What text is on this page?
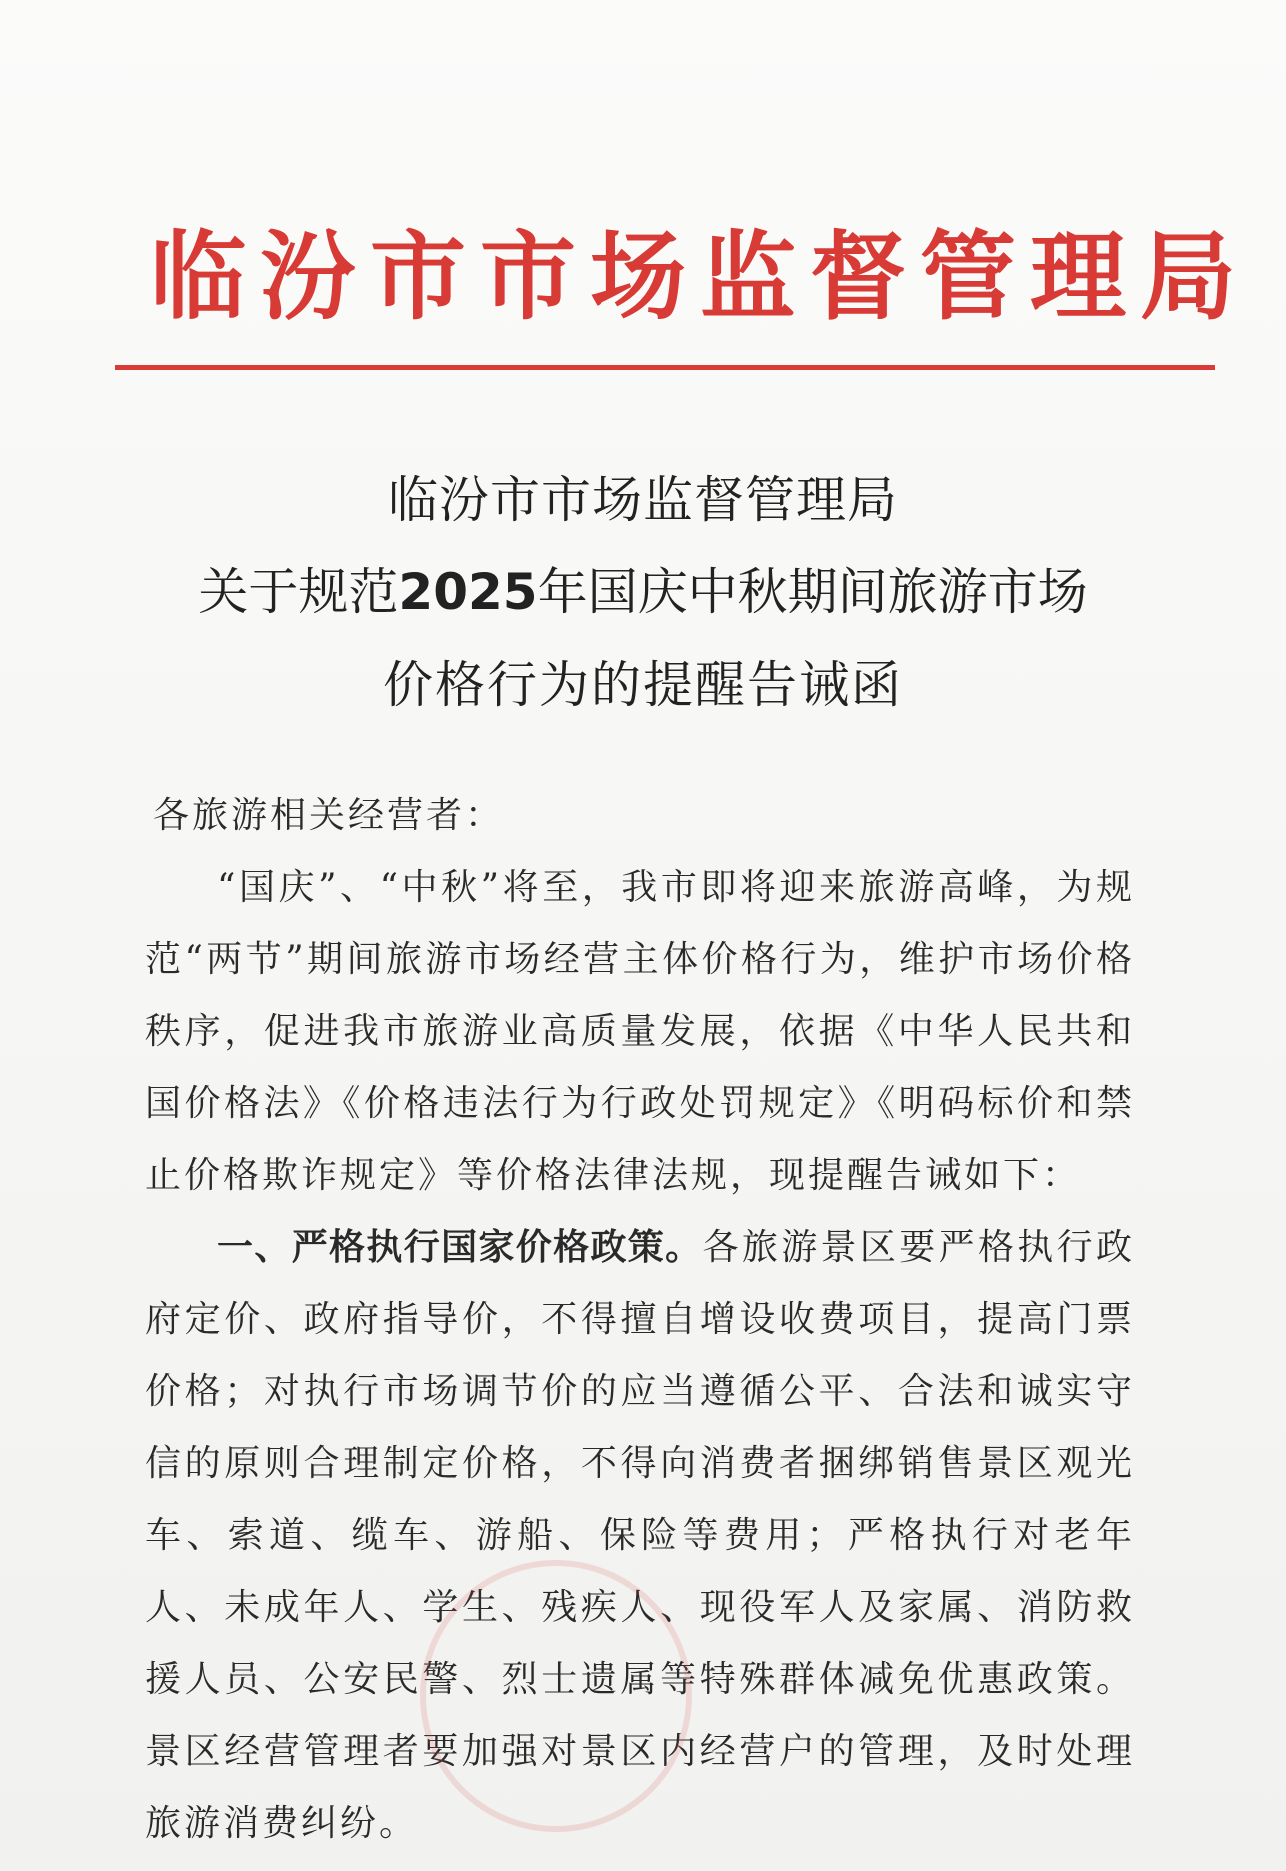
临汾市市场监督管理局
临汾市市场监督管理局
关于规范2025年国庆中秋期间旅游市场
价格行为的提醒告诫函

各旅游相关经营者：

“国庆”、“中秋”将至，我市即将迎来旅游高峰，为规范“两节”期间旅游市场经营主体价格行为，维护市场价格秩序，促进我市旅游业高质量发展，依据《中华人民共和国价格法》《价格违法行为行政处罚规定》《明码标价和禁止价格欺诈规定》等价格法律法规，现提醒告诫如下：

一、严格执行国家价格政策。各旅游景区要严格执行政府定价、政府指导价，不得擅自增设收费项目，提高门票价格；对执行市场调节价的应当遵循公平、合法和诚实守信的原则合理制定价格，不得向消费者捆绑销售景区观光车、索道、缆车、游船、保险等费用；严格执行对老年人、未成年人、学生、残疾人、现役军人及家属、消防救援人员、公安民警、烈士遗属等特殊群体减免优惠政策。景区经营管理者要加强对景区内经营户的管理，及时处理旅游消费纠纷。
